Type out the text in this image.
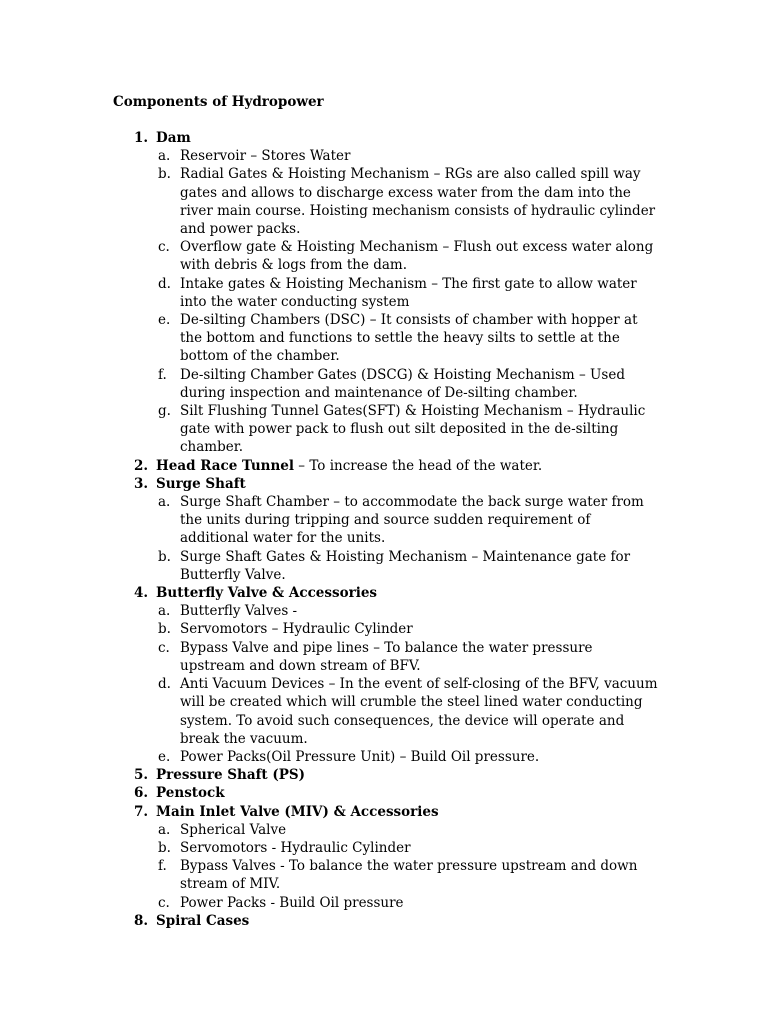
Components of Hydropower
1. Dam
a. Reservoir – Stores Water
b. Radial Gates & Hoisting Mechanism – RGs are also called spill way gates and allows to discharge excess water from the dam into the river main course. Hoisting mechanism consists of hydraulic cylinder and power packs.
c. Overflow gate & Hoisting Mechanism – Flush out excess water along with debris & logs from the dam.
d. Intake gates & Hoisting Mechanism – The first gate to allow water into the water conducting system
e. De-silting Chambers (DSC) – It consists of chamber with hopper at the bottom and functions to settle the heavy silts to settle at the bottom of the chamber.
f. De-silting Chamber Gates (DSCG) & Hoisting Mechanism – Used during inspection and maintenance of De-silting chamber.
g. Silt Flushing Tunnel Gates(SFT) & Hoisting Mechanism – Hydraulic gate with power pack to flush out silt deposited in the de-silting chamber.
2. Head Race Tunnel – To increase the head of the water.
3. Surge Shaft
a. Surge Shaft Chamber – to accommodate the back surge water from the units during tripping and source sudden requirement of additional water for the units.
b. Surge Shaft Gates & Hoisting Mechanism – Maintenance gate for Butterfly Valve.
4. Butterfly Valve & Accessories
a. Butterfly Valves -
b. Servomotors – Hydraulic Cylinder
c. Bypass Valve and pipe lines – To balance the water pressure upstream and down stream of BFV.
d. Anti Vacuum Devices – In the event of self-closing of the BFV, vacuum will be created which will crumble the steel lined water conducting system. To avoid such consequences, the device will operate and break the vacuum.
e. Power Packs(Oil Pressure Unit) – Build Oil pressure.
5. Pressure Shaft (PS)
6. Penstock
7. Main Inlet Valve (MIV) & Accessories
a. Spherical Valve
b. Servomotors - Hydraulic Cylinder
f. Bypass Valves - To balance the water pressure upstream and down stream of MIV.
c. Power Packs - Build Oil pressure
8. Spiral Cases
